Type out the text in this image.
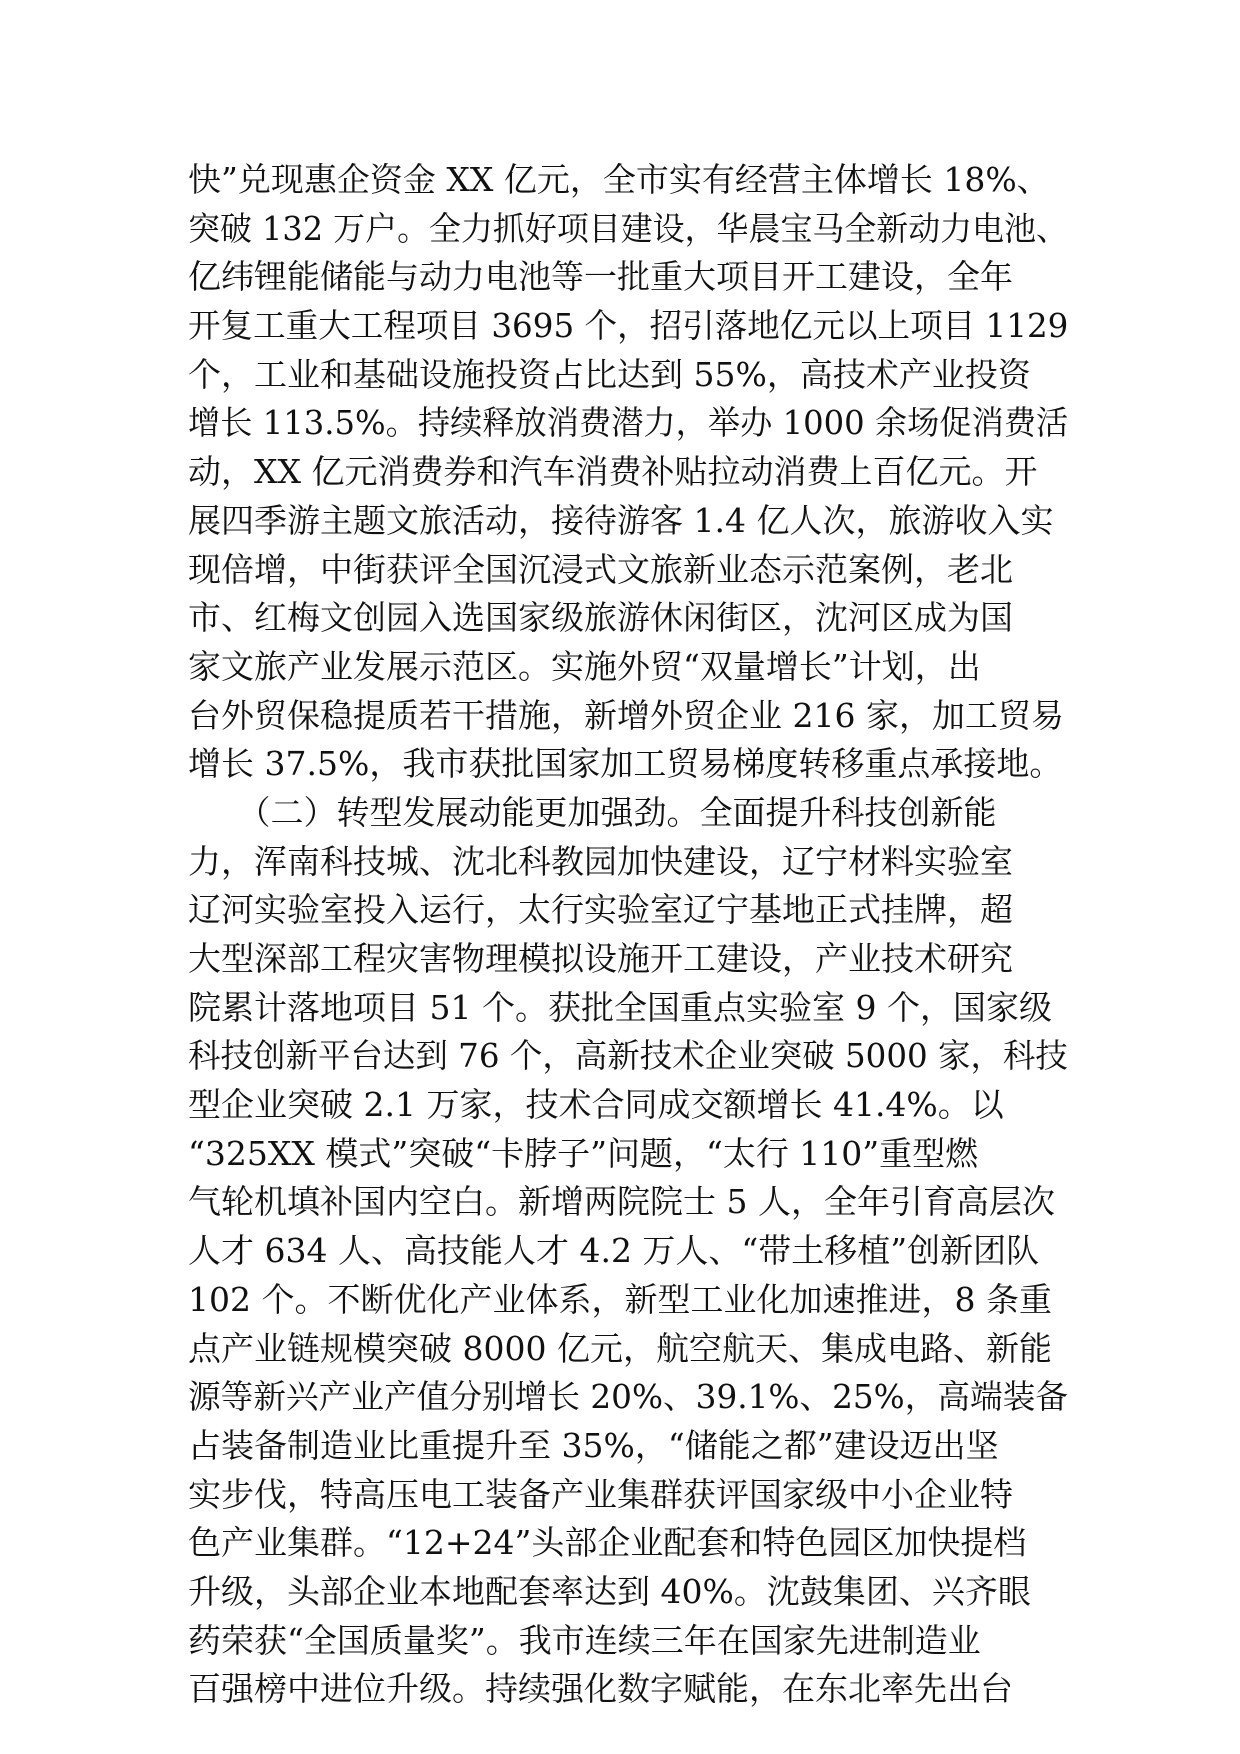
快”兑现惠企资金 XX 亿元，全市实有经营主体增长 18%、
突破 132 万户。全力抓好项目建设，华晨宝马全新动力电池、
亿纬锂能储能与动力电池等一批重大项目开工建设，全年
开复工重大工程项目 3695 个，招引落地亿元以上项目 1129
个，工业和基础设施投资占比达到 55%，高技术产业投资
增长 113.5%。持续释放消费潜力，举办 1000 余场促消费活
动，XX 亿元消费券和汽车消费补贴拉动消费上百亿元。开
展四季游主题文旅活动，接待游客 1.4 亿人次，旅游收入实
现倍增，中街获评全国沉浸式文旅新业态示范案例，老北
市、红梅文创园入选国家级旅游休闲街区，沈河区成为国
家文旅产业发展示范区。实施外贸“双量增长”计划，出
台外贸保稳提质若干措施，新增外贸企业 216 家，加工贸易
增长 37.5%，我市获批国家加工贸易梯度转移重点承接地。
　　（二）转型发展动能更加强劲。全面提升科技创新能
力，浑南科技城、沈北科教园加快建设，辽宁材料实验室
辽河实验室投入运行，太行实验室辽宁基地正式挂牌，超
大型深部工程灾害物理模拟设施开工建设，产业技术研究
院累计落地项目 51 个。获批全国重点实验室 9 个，国家级
科技创新平台达到 76 个，高新技术企业突破 5000 家，科技
型企业突破 2.1 万家，技术合同成交额增长 41.4%。以
“325XX 模式”突破“卡脖子”问题，“太行 110”重型燃
气轮机填补国内空白。新增两院院士 5 人，全年引育高层次
人才 634 人、高技能人才 4.2 万人、“带土移植”创新团队
102 个。不断优化产业体系，新型工业化加速推进，8 条重
点产业链规模突破 8000 亿元，航空航天、集成电路、新能
源等新兴产业产值分别增长 20%、39.1%、25%，高端装备
占装备制造业比重提升至 35%，“储能之都”建设迈出坚
实步伐，特高压电工装备产业集群获评国家级中小企业特
色产业集群。“12+24”头部企业配套和特色园区加快提档
升级，头部企业本地配套率达到 40%。沈鼓集团、兴齐眼
药荣获“全国质量奖”。我市连续三年在国家先进制造业
百强榜中进位升级。持续强化数字赋能，在东北率先出台
